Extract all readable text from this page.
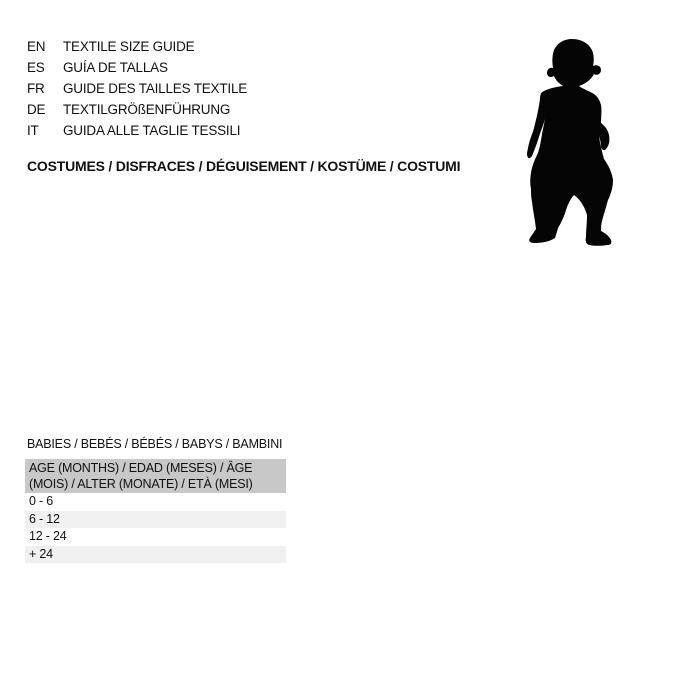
EN	TEXTILE SIZE GUIDE
ES	GUÍA DE TALLAS
FR	GUIDE DES TAILLES TEXTILE
DE	TEXTILGRÖßENFÜHRUNG
IT	GUIDA ALLE TAGLIE TESSILI
COSTUMES / DISFRACES / DÉGUISEMENT / KOSTÜME / COSTUMI
BABIES / BEBÉS / BÉBÉS / BABYS / BAMBINI
AGE (MONTHS) / EDAD (MESES) / ÂGE (MOIS) / ALTER (MONATE) / ETÀ (MESI)
0 - 6
6 - 12
12 - 24
+ 24
